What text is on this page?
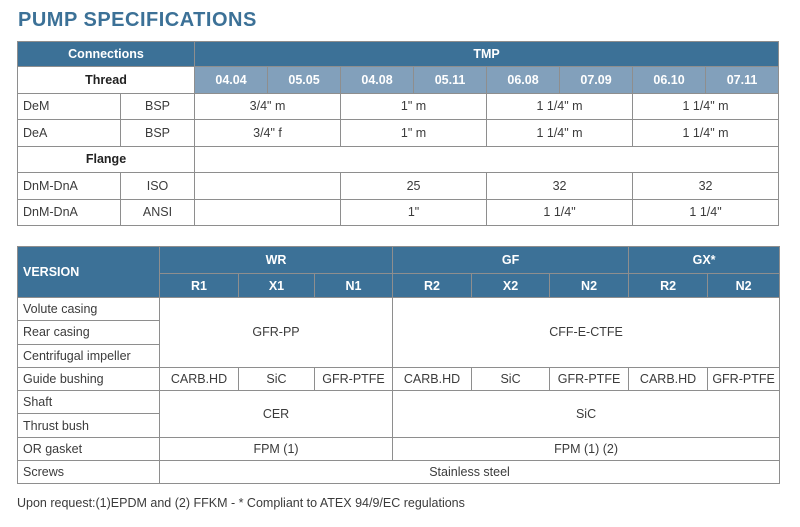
PUMP SPECIFICATIONS
Connections		TMP							
Thread		04.04	05.05	04.08	05.11	06.08	07.09	06.10	07.11
DeM	BSP	3/4" m		1" m		1 1/4" m		1 1/4" m	
DeA	BSP	3/4" f		1" m		1 1/4" m		1 1/4" m	
Flange									
DnM-DnA	ISO			25		32		32	
DnM-DnA	ANSI			1"		1 1/4"		1 1/4"	
VERSION	WR			GF			GX*	
	R1	X1	N1	R2	X2	N2	R2	N2
Volute casing	GFR-PP			CFF-E-CTFE				
Rear casing								
Centrifugal impeller								
Guide bushing	CARB.HD	SiC	GFR-PTFE	CARB.HD	SiC	GFR-PTFE	CARB.HD	GFR-PTFE
Shaft	CER			SiC				
Thrust bush								
OR gasket	FPM (1)			FPM (1) (2)				
Screws	Stainless steel							
Upon request:(1)EPDM and (2) FFKM - * Compliant to ATEX 94/9/EC regulations
